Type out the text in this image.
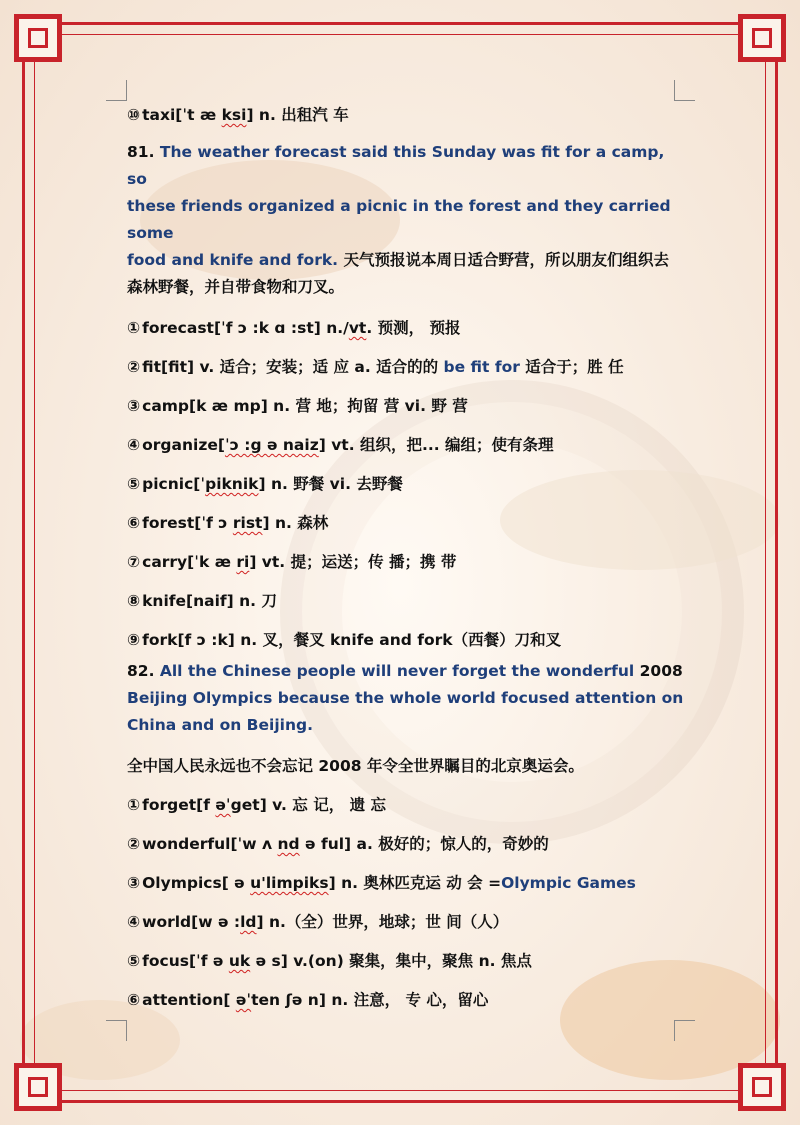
⑩ taxi[ˈt æ ksi] n. 出租汽 车
81. The weather forecast said this Sunday was fit for a camp, so
these friends organized a picnic in the forest and they carried some
food and knife and fork. 天气预报说本周日适合野营，所以朋友们组织去
森林野餐，并自带食物和刀叉。
① forecast[ˈf ɔ :k ɑ :st] n./vt. 预测， 预报
② fit[fit] v. 适合；安装；适 应 a. 适合的的 be fit for 适合于；胜 任
③ camp[k æ mp] n. 营 地；拘留 营 vi. 野 营
④ organize[ˈɔ :g ə naiz] vt. 组织，把... 编组；使有条理
⑤ picnic[ˈpiknik] n. 野餐 vi. 去野餐
⑥ forest[ˈf ɔ rist] n. 森林
⑦ carry[ˈk æ ri] vt. 提；运送；传 播；携 带
⑧ knife[naif] n. 刀
⑨ fork[f ɔ :k] n. 叉，餐叉 knife and fork（西餐）刀和叉
82. All the Chinese people will never forget the wonderful 2008
Beijing Olympics because the whole world focused attention on
China and on Beijing.
全中国人民永远也不会忘记 2008 年令全世界瞩目的北京奥运会。
① forget[f əˈget] v. 忘 记， 遗 忘
② wonderful[ˈw ʌ nd ə ful] a. 极好的；惊人的，奇妙的
③ Olympics[ ə u'limpiks] n. 奥林匹克运 动 会 =Olympic Games
④ world[w ə :ld] n.（全）世界，地球；世 间（人）
⑤ focus[ˈf ə uk ə s] v.(on) 聚集，集中，聚焦 n. 焦点
⑥ attention[ əˈten ʃə n] n. 注意， 专 心，留心
